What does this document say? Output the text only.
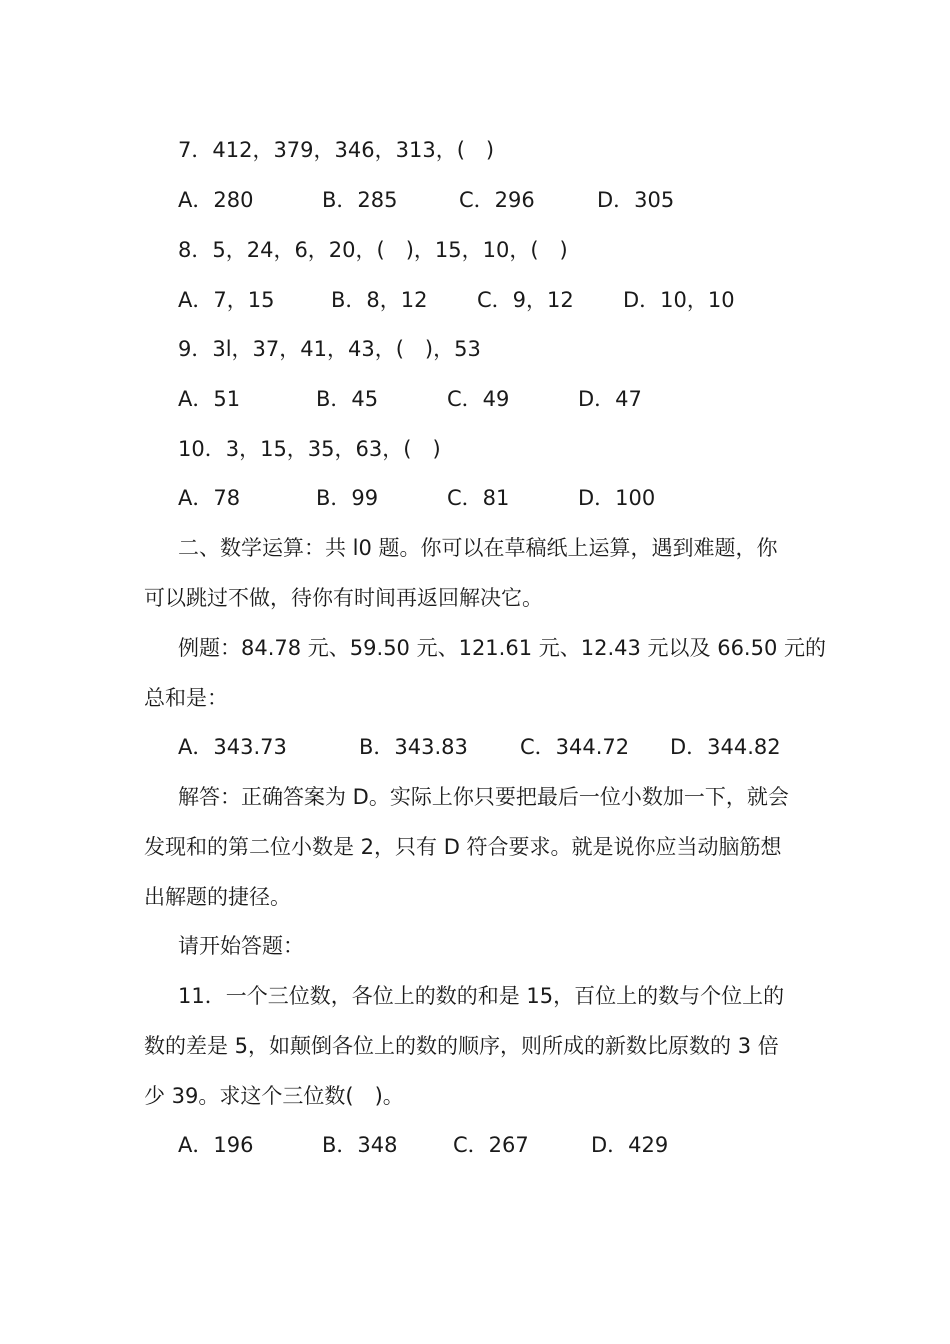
7．412，379，346，313，(　)
A．280	B．285	C．296	D．305
8．5，24，6，20，(　)，15，10，(　)
A．7，15	B．8，12 C．9，12 D．10，10
9．3l，37，41，43，(　)，53
A．51	B．45	C．49	D．47
10．3，15，35，63，(　)
A．78	B．99	C．81	D．100
二、数学运算：共 l0 题。你可以在草稿纸上运算，遇到难题，你
可以跳过不做，待你有时间再返回解决它。
例题：84.78 元、59.50 元、121.61 元、12.43 元以及 66.50 元的
总和是：
A．343.73	B．343.83 C．344.72 D．344.82
解答：正确答案为 D。实际上你只要把最后一位小数加一下，就会
发现和的第二位小数是 2，只有 D 符合要求。就是说你应当动脑筋想
出解题的捷径。
请开始答题：
11．一个三位数，各位上的数的和是 15，百位上的数与个位上的
数的差是 5，如颠倒各位上的数的顺序，则所成的新数比原数的 3 倍
少 39。求这个三位数(　)。
A．196	B．348	C．267	D．429
